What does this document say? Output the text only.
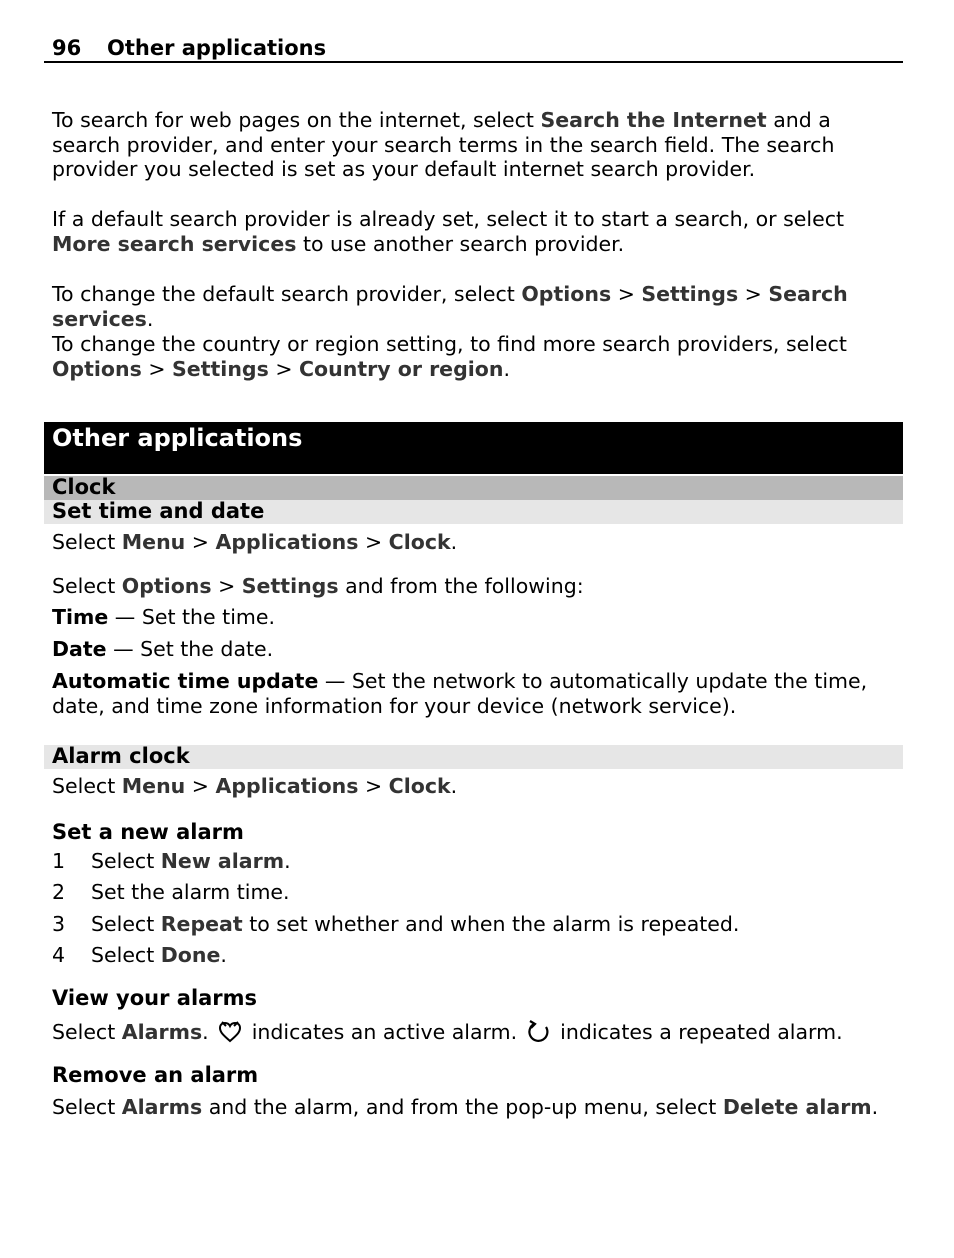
96 Other applications

To search for web pages on the internet, select Search the Internet and a search provider, and enter your search terms in the search field. The search provider you selected is set as your default internet search provider.

If a default search provider is already set, select it to start a search, or select More search services to use another search provider.

To change the default search provider, select Options > Settings > Search services.

To change the country or region setting, to find more search providers, select Options > Settings > Country or region.

Other applications
Clock
Set time and date

Select Menu > Applications > Clock.

Select Options > Settings and from the following:

Time — Set the time.

Date — Set the date.

Automatic time update — Set the network to automatically update the time, date, and time zone information for your device (network service).

Alarm clock

Select Menu > Applications > Clock.

Set a new alarm
1 Select New alarm.
2 Set the alarm time.
3 Select Repeat to set whether and when the alarm is repeated.
4 Select Done.
View your alarms

Select Alarms.  indicates an active alarm.  indicates a repeated alarm.

Remove an alarm

Select Alarms and the alarm, and from the pop-up menu, select Delete alarm.
